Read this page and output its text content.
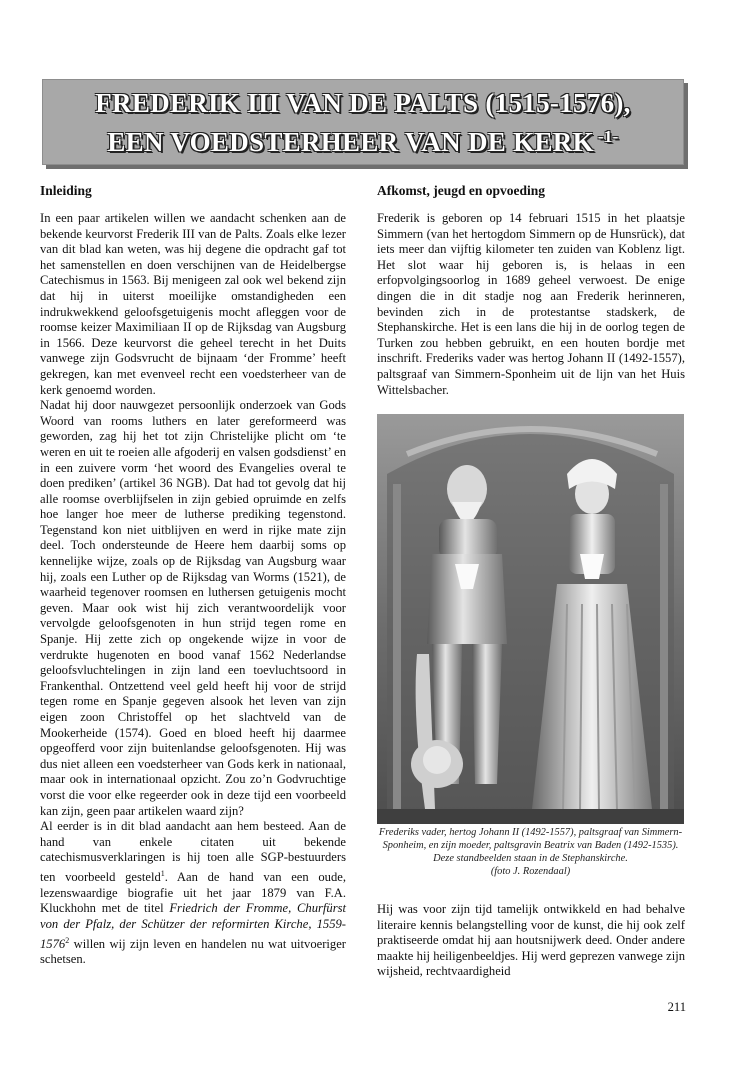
FREDERIK III VAN DE PALTS (1515-1576),
EEN VOEDSTERHEER VAN DE KERK $^{-1-}$
Inleiding

In een paar artikelen willen we aandacht schenken aan de bekende keurvorst Frederik III van de Palts. Zoals elke lezer van dit blad kan weten, was hij degene die opdracht gaf tot het samenstellen en doen verschijnen van de Heidelbergse Catechismus in 1563. Bij menigeen zal ook wel bekend zijn dat hij in uiterst moeilijke omstandigheden een indrukwekkend geloofsgetuigenis mocht afleggen voor de roomse keizer Maximiliaan II op de Rijksdag van Augsburg in 1566. Deze keurvorst die geheel terecht in het Duits vanwege zijn Godsvrucht de bijnaam ‘der Fromme’ heeft gekregen, kan met evenveel recht een voedsterheer van de kerk genoemd worden.

Nadat hij door nauwgezet persoonlijk onderzoek van Gods Woord van rooms luthers en later gereformeerd was geworden, zag hij het tot zijn Christelijke plicht om ‘te weren en uit te roeien alle afgoderij en valsen godsdienst’ en in een zuivere vorm ‘het woord des Evangelies overal te doen prediken’ (artikel 36 NGB). Dat had tot gevolg dat hij alle roomse overblijfselen in zijn gebied opruimde en zelfs hoe langer hoe meer de lutherse prediking tegenstond. Tegenstand kon niet uitblijven en werd in rijke mate zijn deel. Toch ondersteunde de Heere hem daarbij soms op kennelijke wijze, zoals op de Rijksdag van Augsburg waar hij, zoals een Luther op de Rijksdag van Worms (1521), de waarheid tegenover roomsen en luthersen getuigenis mocht geven. Maar ook wist hij zich verantwoordelijk voor vervolgde geloofsgenoten in hun strijd tegen rome en Spanje. Hij zette zich op ongekende wijze in voor de verdrukte hugenoten en bood vanaf 1562 Nederlandse geloofsvluchtelingen in zijn land een toevluchtsoord in Frankenthal. Ontzettend veel geld heeft hij voor de strijd tegen rome en Spanje gegeven alsook het leven van zijn eigen zoon Christoffel op het slachtveld van de Mookerheide (1574). Goed en bloed heeft hij daarmee opgeofferd voor zijn buitenlandse geloofsgenoten. Hij was dus niet alleen een voedsterheer van Gods kerk in nationaal, maar ook in internationaal opzicht. Zou zo’n Godvruchtige vorst die voor elke regeerder ook in deze tijd een voorbeeld kan zijn, geen paar artikelen waard zijn?

Al eerder is in dit blad aandacht aan hem besteed. Aan de hand van enkele citaten uit bekende catechismusverklaringen is hij toen alle SGP-bestuurders ten voorbeeld gesteld$^1$. Aan de hand van een oude, lezenswaardige biografie uit het jaar 1879 van F.A. Kluckhohn met de titel Friedrich der Fromme, Churfürst von der Pfalz, der Schützer der reformirten Kirche, 1559-1576$^2$ willen wij zijn leven en handelen nu wat uitvoeriger schetsen.

Afkomst, jeugd en opvoeding

Frederik is geboren op 14 februari 1515 in het plaatsje Simmern (van het hertogdom Simmern op de Hunsrück), dat iets meer dan vijftig kilometer ten zuiden van Koblenz ligt. Het slot waar hij geboren is, is helaas in een erfopvolgingsoorlog in 1689 geheel verwoest. De enige dingen die in dit stadje nog aan Frederik herinneren, bevinden zich in de protestantse stadskerk, de Stephanskirche. Het is een lans die hij in de oorlog tegen de Turken zou hebben gebruikt, en een houten bordje met inschrift. Frederiks vader was hertog Johann II (1492-1557), paltsgraaf van Simmern-Sponheim uit de lijn van het Huis Wittelsbacher.

Frederiks vader, hertog Johann II (1492-1557), paltsgraaf van Simmern-Sponheim, en zijn moeder, paltsgravin Beatrix van Baden (1492-1535). Deze standbeelden staan in de Stephanskirche.
(foto J. Rozendaal)

Hij was voor zijn tijd tamelijk ontwikkeld en had behalve literaire kennis belangstelling voor de kunst, die hij ook zelf praktiseerde omdat hij aan houtsnijwerk deed. Onder andere maakte hij heiligenbeeldjes. Hij werd geprezen vanwege zijn wijsheid, rechtvaardigheid

211
